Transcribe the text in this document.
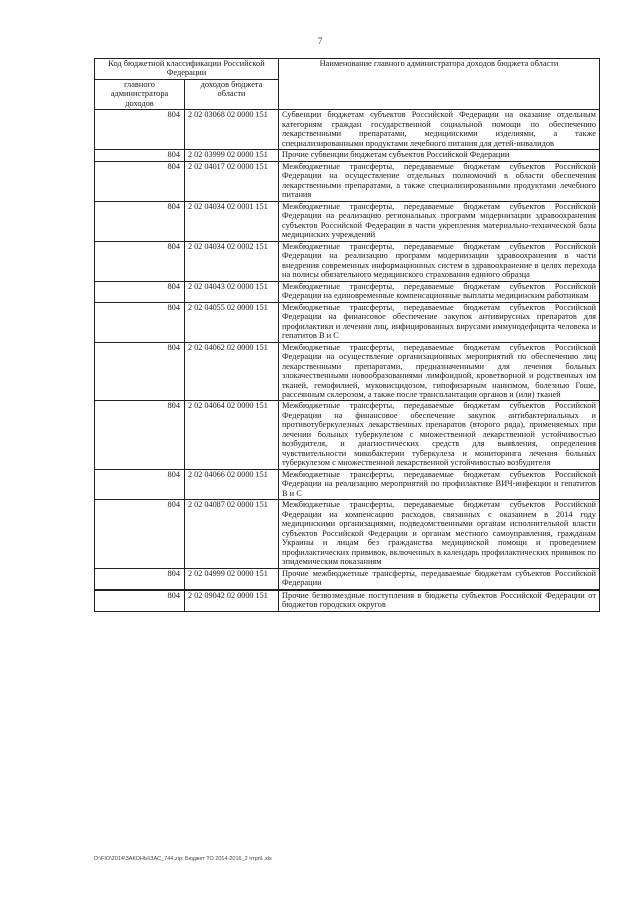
7
Код бюджетной классификации Российской Федерации		Наименование главного администратора доходов бюджета области
главного администратора доходов	доходов бюджета области	
804	2 02 03068 02 0000 151	Субвенции бюджетам субъектов Российской Федерации на оказание отдельным категориям граждан государственной социальной помощи по обеспечению лекарственными препаратами, медицинскими изделиями, а также специализированными продуктами лечебного питания для детей-инвалидов
804	2 02 03999 02 0000 151	Прочие субвенции бюджетам субъектов Российской Федерации
804	2 02 04017 02 0000 151	Межбюджетные трансферты, передаваемые бюджетам субъектов Российской Федерации на осуществление отдельных полномочий в области обеспечения лекарственными препаратами, а также специализированными продуктами лечебного питания
804	2 02 04034 02 0001 151	Межбюджетные трансферты, передаваемые бюджетам субъектов Российской Федерации на реализацию региональных программ модернизации здравоохранения субъектов Российской Федерации в части укрепления материально-технической базы медицинских учреждений
804	2 02 04034 02 0002 151	Межбюджетные трансферты, передаваемые бюджетам субъектов Российской Федерации на реализацию программ модернизации здравоохранения в части внедрения современных информационных систем в здравоохранение в целях перехода на полисы обязательного медицинского страхования единого образца
804	2 02 04043 02 0000 151	Межбюджетные трансферты, передаваемые бюджетам субъектов Российской Федерации на единовременные компенсационные выплаты медицинским работникам
804	2 02 04055 02 0000 151	Межбюджетные трансферты, передаваемые бюджетам субъектов Российской Федерации на финансовое обеспечение закупок антивирусных препаратов для профилактики и лечения лиц, инфицированных вирусами иммунодефицита человека и гепатитов В и С
804	2 02 04062 02 0000 151	Межбюджетные трансферты, передаваемые бюджетам субъектов Российской Федерации на осуществление организационных мероприятий по обеспечению лиц лекарственными препаратами, предназначенными для лечения больных злокачественными новообразованиями лимфоидной, кроветворной и родственных им тканей, гемофилией, муковисцидозом, гипофизарным нанизмом, болезнью Гоше, рассеянным склерозом, а также после трансплантации органов и (или) тканей
804	2 02 04064 02 0000 151	Межбюджетные трансферты, передаваемые бюджетам субъектов Российской Федерации на финансовое обеспечение закупок антибактериальных и противотуберкулезных лекарственных препаратов (второго ряда), применяемых при лечении больных туберкулезом с множественной лекарственной устойчивостью возбудителя, и диагностических средств для выявления, определения чувствительности микобактерии туберкулеза и мониторинга лечения больных туберкулезом с множественной лекарственной устойчивостью возбудителя
804	2 02 04066 02 0000 151	Межбюджетные трансферты, передаваемые бюджетам субъектов Российской Федерации на реализацию мероприятий по профилактике ВИЧ-инфекции и гепатитов В и С
804	2 02 04087 02 0000 151	Межбюджетные трансферты, передаваемые бюджетам субъектов Российской Федерации на компенсацию расходов, связанных с оказанием в 2014 году медицинскими организациями, подведомственными органам исполнительной власти субъектов Российской Федерации и органам местного самоуправления, гражданам Украины и лицам без гражданства медицинской помощи и проведением профилактических прививок, включенных в календарь профилактических прививок по эпидемическим показаниям
804	2 02 04999 02 0000 151	Прочие межбюджетные трансферты, передаваемые бюджетам субъектов Российской Федерации
804	2 02 09042 02 0000 151	Прочие безвозмездные поступления в бюджеты субъектов Российской Федерации от бюджетов городских округов
D:\FIO\2014\ЗАКОНЫ\ЗАС_744.zip: Бюджет ТО 2014-2016_2 чтpril..xls
